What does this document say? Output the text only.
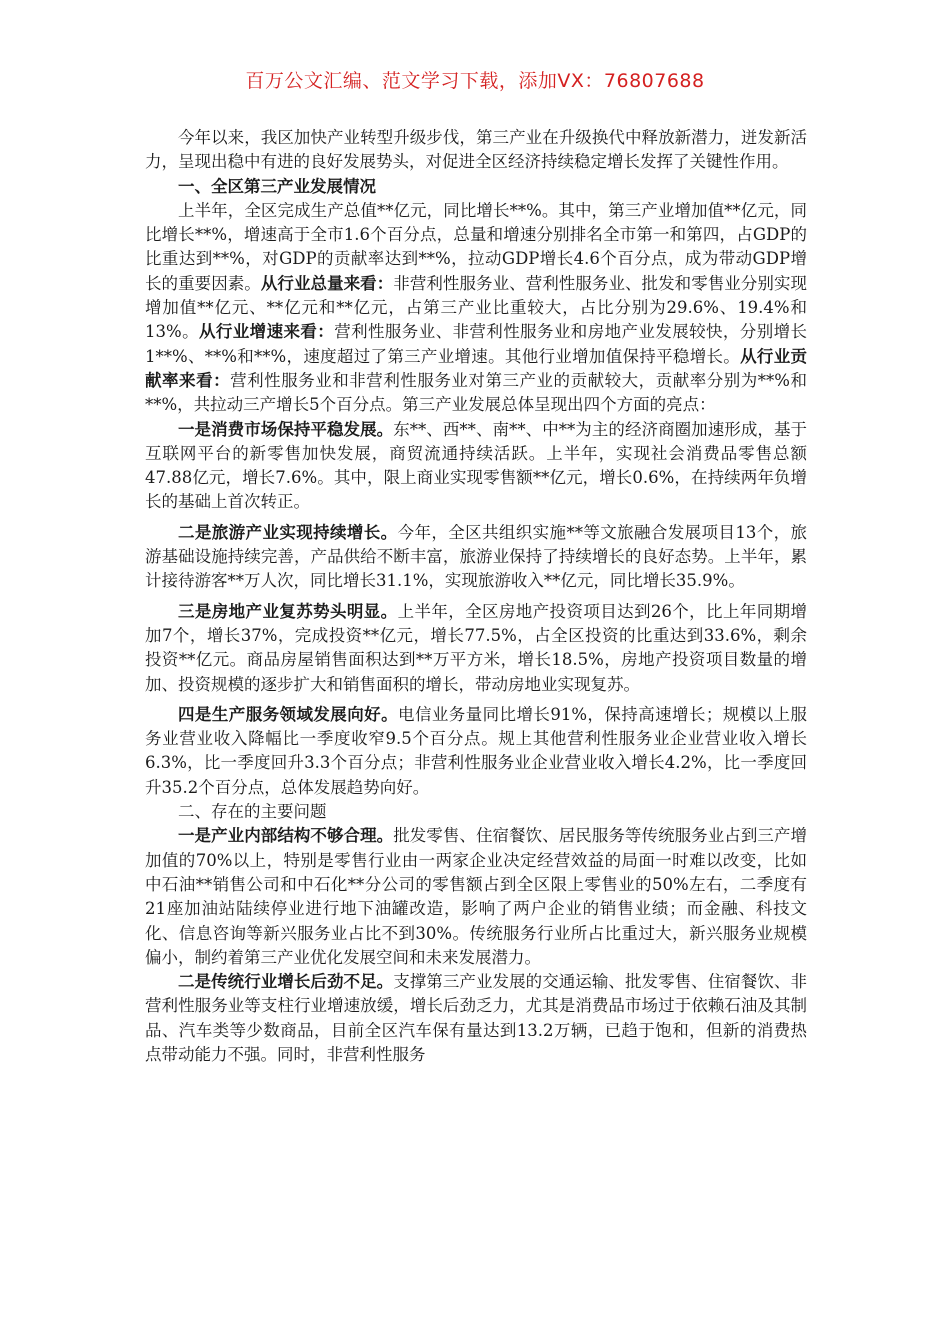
百万公文汇编、范文学习下载，添加VX：76807688

今年以来，我区加快产业转型升级步伐，第三产业在升级换代中释放新潜力，迸发新活力，呈现出稳中有进的良好发展势头，对促进全区经济持续稳定增长发挥了关键性作用。

一、全区第三产业发展情况

上半年，全区完成生产总值**亿元，同比增长**%。其中，第三产业增加值**亿元，同比增长**%，增速高于全市1.6个百分点，总量和增速分别排名全市第一和第四，占GDP的比重达到**%，对GDP的贡献率达到**%，拉动GDP增长4.6个百分点，成为带动GDP增长的重要因素。从行业总量来看：非营利性服务业、营利性服务业、批发和零售业分别实现增加值**亿元、**亿元和**亿元，占第三产业比重较大，占比分别为29.6%、19.4%和13%。从行业增速来看：营利性服务业、非营利性服务业和房地产业发展较快，分别增长1**%、**%和**%，速度超过了第三产业增速。其他行业增加值保持平稳增长。从行业贡献率来看：营利性服务业和非营利性服务业对第三产业的贡献较大，贡献率分别为**%和**%，共拉动三产增长5个百分点。第三产业发展总体呈现出四个方面的亮点：

一是消费市场保持平稳发展。东**、西**、南**、中**为主的经济商圈加速形成，基于互联网平台的新零售加快发展，商贸流通持续活跃。上半年，实现社会消费品零售总额47.88亿元，增长7.6%。其中，限上商业实现零售额**亿元，增长0.6%，在持续两年负增长的基础上首次转正。

二是旅游产业实现持续增长。今年，全区共组织实施**等文旅融合发展项目13个，旅游基础设施持续完善，产品供给不断丰富，旅游业保持了持续增长的良好态势。上半年，累计接待游客**万人次，同比增长31.1%，实现旅游收入**亿元，同比增长35.9%。

三是房地产业复苏势头明显。上半年，全区房地产投资项目达到26个，比上年同期增加7个，增长37%，完成投资**亿元，增长77.5%，占全区投资的比重达到33.6%，剩余投资**亿元。商品房屋销售面积达到**万平方米，增长18.5%，房地产投资项目数量的增加、投资规模的逐步扩大和销售面积的增长，带动房地业实现复苏。

四是生产服务领域发展向好。电信业务量同比增长91%，保持高速增长；规模以上服务业营业收入降幅比一季度收窄9.5个百分点。规上其他营利性服务业企业营业收入增长6.3%，比一季度回升3.3个百分点；非营利性服务业企业营业收入增长4.2%，比一季度回升35.2个百分点，总体发展趋势向好。

二、存在的主要问题

一是产业内部结构不够合理。批发零售、住宿餐饮、居民服务等传统服务业占到三产增加值的70%以上，特别是零售行业由一两家企业决定经营效益的局面一时难以改变，比如中石油**销售公司和中石化**分公司的零售额占到全区限上零售业的50%左右，二季度有21座加油站陆续停业进行地下油罐改造，影响了两户企业的销售业绩；而金融、科技文化、信息咨询等新兴服务业占比不到30%。传统服务行业所占比重过大，新兴服务业规模偏小，制约着第三产业优化发展空间和未来发展潜力。

二是传统行业增长后劲不足。支撑第三产业发展的交通运输、批发零售、住宿餐饮、非营利性服务业等支柱行业增速放缓，增长后劲乏力，尤其是消费品市场过于依赖石油及其制品、汽车类等少数商品，目前全区汽车保有量达到13.2万辆，已趋于饱和，但新的消费热点带动能力不强。同时，非营利性服务
